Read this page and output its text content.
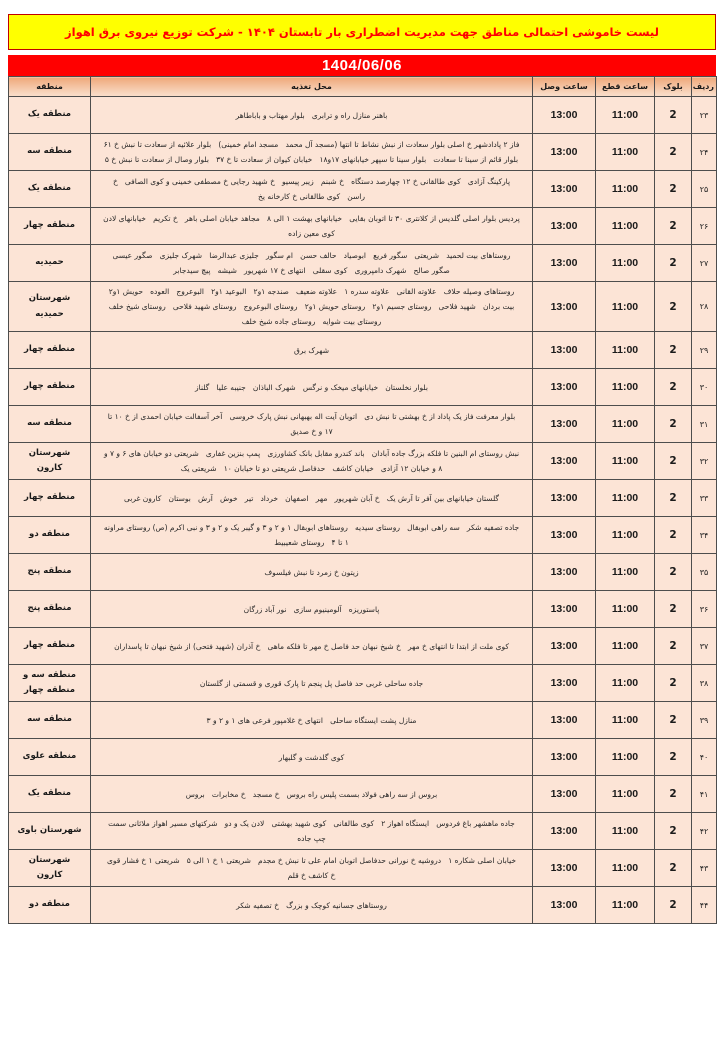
لیست خاموشی احتمالی مناطق جهت مدیریت اضطراری بار تابستان ۱۴۰۴ - شرکت توزیع نیروی برق اهواز
1404/06/06
ردیف	بلوک	ساعت قطع	ساعت وصل	محل تغذیه	منطقه
۲۳	2	11:00	13:00	باهنر منازل راه و ترابری   بلوار مهتاب و باباطاهر	منطقه یک
۲۴	2	11:00	13:00	فاز ۲ پادادشهر خ اصلی بلوار سعادت از نبش نشاط تا انتها (مسجد آل محمد   مسجد امام خمینی)   بلوار علائیه از سعادت تا نبش خ ۶۱   بلوار قائم از سینا تا سعادت   بلوار سینا تا سپهر خیابانهای ۱۷و۱۸   خیابان کیوان از سعادت تا خ ۳۷   بلوار وصال از سعادت تا نبش خ ۵	منطقه سه
۲۵	2	11:00	13:00	پارکینگ آزادی   کوی طالقانی خ ۱۲ چهارصد دستگاه   خ شبنم   زیبر پیسیو   خ شهید رجایی خ مصطفی خمینی و کوی الصافی   خ راسن   کوی طالقانی خ کارخانه یخ	منطقه یک
۲۶	2	11:00	13:00	پردیس بلوار اصلی گلدیس از کلانتری ۳۰ تا اتوبان بقایی   خیابانهای بهشت ۱ الی ۸   مجاهد خیابان اصلی باهر   خ تکریم   خیابانهای لادن کوی معین زاده	منطقه چهار
۲۷	2	11:00	13:00	روستاهای بیت لحمید   شریعتی   سگور فریع   ابوصیاد   حالف حسن   ام سگور   جلیزی عبدالرضا   شهرک جلیزی   صگور عیسی   صگور صالح   شهرک دامپروری   کوی سقلی   انتهای خ ۱۷ شهریور   شیشه   پیچ سیدجابر	حمیدیه
۲۸	2	11:00	13:00	روستاهای وصیله حلاف   علاوته القانی   علاوته سدره ۱   علاوته ضعیف   صندجه ۱و۲   البوعید ۱و۲   البوعروج   العوده   حویش ۱و۲   بیت بردان   شهید فلاحی   روستای جسیم ۱و۲   روستای حویش ۱و۲   روستای البوعروج   روستای شهید فلاحی   روستای شیخ خلف   روستای بیت شوایه   روستای جاده شیخ خلف	شهرستان حمیدیه
۲۹	2	11:00	13:00	شهرک برق	منطقه چهار
۳۰	2	11:00	13:00	بلوار نخلستان   خیابانهای میخک و نرگس   شهرک الباذان   جنیبه علیا   گلناز	منطقه چهار
۳۱	2	11:00	13:00	بلوار معرفت فاز یک پاداد از خ بهشتی تا نبش دی   اتوبان آیت اله بهبهانی نبش پارک خروسی   آخر آسفالت خیابان احمدی از خ ۱۰ تا ۱۷ و خ صدیق	منطقه سه
۳۲	2	11:00	13:00	نبش روستای ام البنین تا فلکه بزرگ جاده آبادان   باند کندرو مقابل بانک کشاورزی   پمپ بنزین غفاری   شریعتی دو خیابان های ۶ و ۷ و ۸ و خیابان ۱۲ آزادی   خیابان کاشف   حدفاصل شریعتی دو تا خیابان ۱۰   شریعتی یک	شهرستان کارون
۳۳	2	11:00	13:00	گلستان خیابانهای بین آفر تا آرش یک   خ آبان شهریور   مهر   اصفهان   خرداد   تیر   خوش   آرش   بوستان   کارون غربی	منطقه چهار
۳۴	2	11:00	13:00	جاده تصفیه شکر   سه راهی ابوبقال   روستای سیدیه   روستاهای ابوبقال ۱ و ۲ و ۳ و گیبر یک و ۲ و ۳ و نبی اکرم (ص) روستای مراونه ۱ تا ۴   روستای شعیبیط	منطقه دو
۳۵	2	11:00	13:00	زیتون خ زمرد تا نبش فیلسوف	منطقه پنج
۳۶	2	11:00	13:00	پاستوریزه   آلومینیوم سازی   نور آباد زرگان	منطقه پنج
۳۷	2	11:00	13:00	کوی ملت از ابتدا تا انتهای خ مهر   خ شیخ نبهان حد فاصل خ مهر تا فلکه ماهی   خ آذران (شهید فتحی) از شیخ نبهان تا پاسداران	منطقه چهار
۳۸	2	11:00	13:00	جاده ساحلی غربی حد فاصل پل پنجم تا پارک قوری و قسمتی از گلستان	منطقه سه و منطقه چهار
۳۹	2	11:00	13:00	منازل پشت ایستگاه ساحلی   انتهای خ غلامپور فرعی های ۱ و ۲ و ۳	منطقه سه
۴۰	2	11:00	13:00	کوی گلدشت و گلبهار	منطقه علوی
۴۱	2	11:00	13:00	بروس از سه راهی فولاد بسمت پلیس راه بروس   خ مسجد   خ مخابرات   بروس	منطقه یک
۴۲	2	11:00	13:00	جاده ماهشهر باغ فردوس   ایستگاه اهواز ۲   کوی طالقانی   کوی شهید بهشتی   لادن یک و دو   شرکتهای مسیر اهواز ملاثانی سمت چپ جاده	شهرستان باوی
۴۳	2	11:00	13:00	خیابان اصلی شکاره ۱   دروشیه خ نورانی حدفاصل اتوبان امام علی تا نبش خ مجدم   شریعتی ۱ خ ۱ الی ۵   شریعتی ۱ خ فشار قوی   خ کاشف خ قلم	شهرستان کارون
۴۴	2	11:00	13:00	روستاهای جسانیه کوچک و بزرگ   خ تصفیه شکر	منطقه دو
